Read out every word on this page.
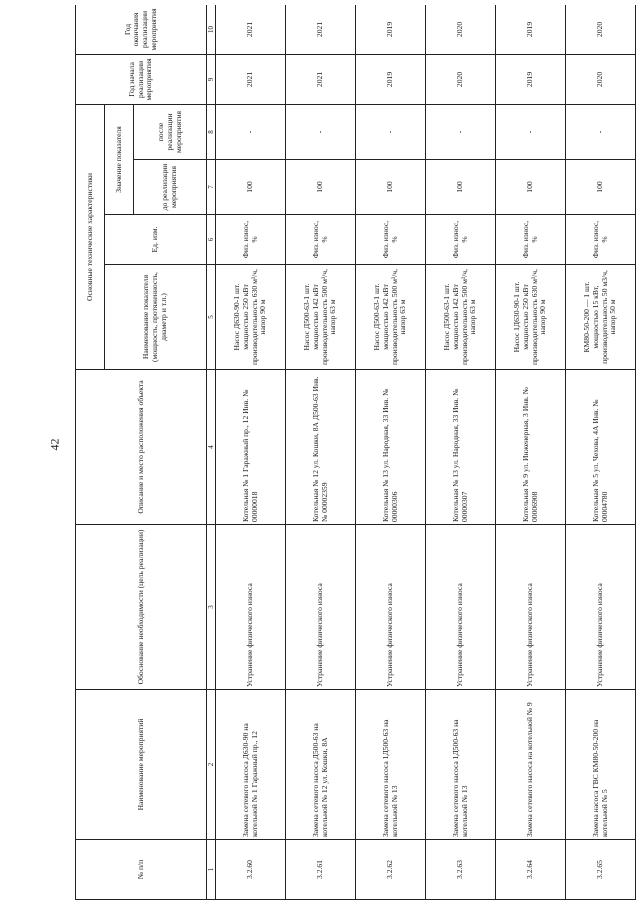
42
№ п/п	Наименование мероприятий	Обоснование необходимости (цель реализации)	Описание и место расположения объекта	Основные технические характеристики				Год начала реализации мероприятия	Год окончания реализации мероприятия
				Наименование показателя (мощность, протяженность, диаметр и т.п.)	Ед. изм.	Значение показателя			
						до реализации мероприятия	после реализации мероприятия		
1	2	3	4	5	6	7	8	9	10
3.2.60	Замена сетевого насоса Д630-90 на котельной № 1 Гаражный пр., 12	Устранение физического износа	Котельная № 1 Гаражный пр., 12 Инв. № 00000018	Насос Д630-90-1 шт. мощностью 250 кВт производительность 630 м³/ч, напор 90 м	Физ. износ, %	100	-	2021	2021
3.2.61	Замена сетевого насоса Д500-63 на котельной № 12 ул. Кошки, 8А	Устранение физического износа	Котельная № 12 ул. Кошки, 8А Д500-63 Инв. № 00002359	Насос Д500-63-1 шт. мощностью 142 кВт производительность 500 м³/ч, напор 63 м	Физ. износ, %	100	-	2021	2021
3.2.62	Замена сетевого насоса 1Д500-63 на котельной № 13	Устранение физического износа	Котельная № 13 ул. Народная, 33 Инв. № 00000306	Насос Д500-63-1 шт. мощностью 142 кВт производительность 500 м³/ч, напор 63 м	Физ. износ, %	100	-	2019	2019
3.2.63	Замена сетевого насоса 1Д500-63 на котельной № 13	Устранение физического износа	Котельная № 13 ул. Народная, 33 Инв. № 00000307	Насос Д500-63-1 шт. мощностью 142 кВт производительность 500 м³/ч, напор 63 м	Физ. износ, %	100	-	2020	2020
3.2.64	Замена сетевого насоса на котельной № 9	Устранение физического износа	Котельная № 9 ул. Инженерная, 3 Инв. № 00006908	Насос 1Д630-90-1 шт. мощностью 250 кВт производительность 630 м³/ч, напор 90 м	Физ. износ, %	100	-	2019	2019
3.2.65	Замена насоса ГВС КМ80-50-200 на котельной № 5	Устранение физического износа	Котельная № 5 ул. Чехова, 4А Инв. № 00004780	КМ80-50-200 — 1 шт. мощностью 15 кВт, производительность 50 м3/ч, напор 50 м	Физ. износ, %	100	-	2020	2020
